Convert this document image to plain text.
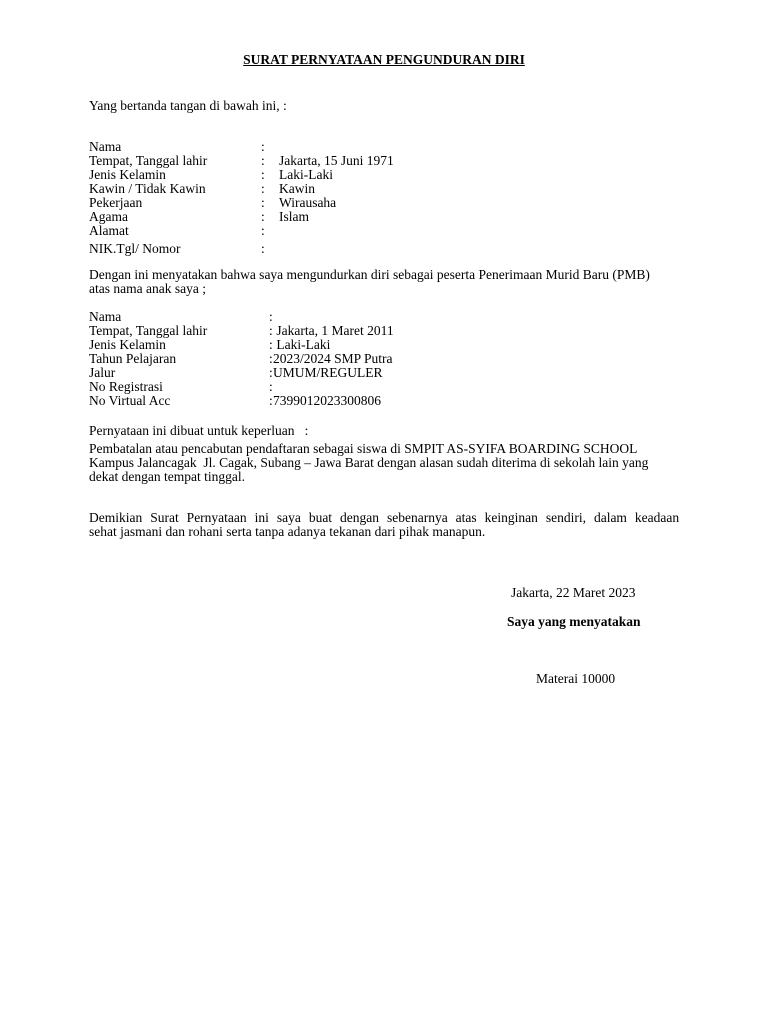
SURAT PERNYATAAN PENGUNDURAN DIRI
Yang bertanda tangan di bawah ini, :
Nama	:
Tempat, Tanggal lahir	: Jakarta, 15 Juni 1971
Jenis Kelamin	: Laki-Laki
Kawin / Tidak Kawin	: Kawin
Pekerjaan	: Wirausaha
Agama	: Islam
Alamat	:
NIK.Tgl/ Nomor	:
Dengan ini menyatakan bahwa saya mengundurkan diri sebagai peserta Penerimaan Murid Baru (PMB)
atas nama anak saya ;
Nama	:
Tempat, Tanggal lahir	: Jakarta, 1 Maret 2011
Jenis Kelamin	: Laki-Laki
Tahun Pelajaran	: 2023/2024 SMP Putra
Jalur	: UMUM/REGULER
No Registrasi	:
No Virtual Acc	: 7399012023300806
Pernyataan ini dibuat untuk keperluan   :
Pembatalan atau pencabutan pendaftaran sebagai siswa di SMPIT AS-SYIFA BOARDING SCHOOL
Kampus Jalancagak  Jl. Cagak, Subang – Jawa Barat dengan alasan sudah diterima di sekolah lain yang
dekat dengan tempat tinggal.
Demikian Surat Pernyataan ini saya buat dengan sebenarnya atas keinginan sendiri, dalam keadaan
sehat jasmani dan rohani serta tanpa adanya tekanan dari pihak manapun.
Jakarta, 22 Maret 2023
Saya yang menyatakan
Materai 10000
